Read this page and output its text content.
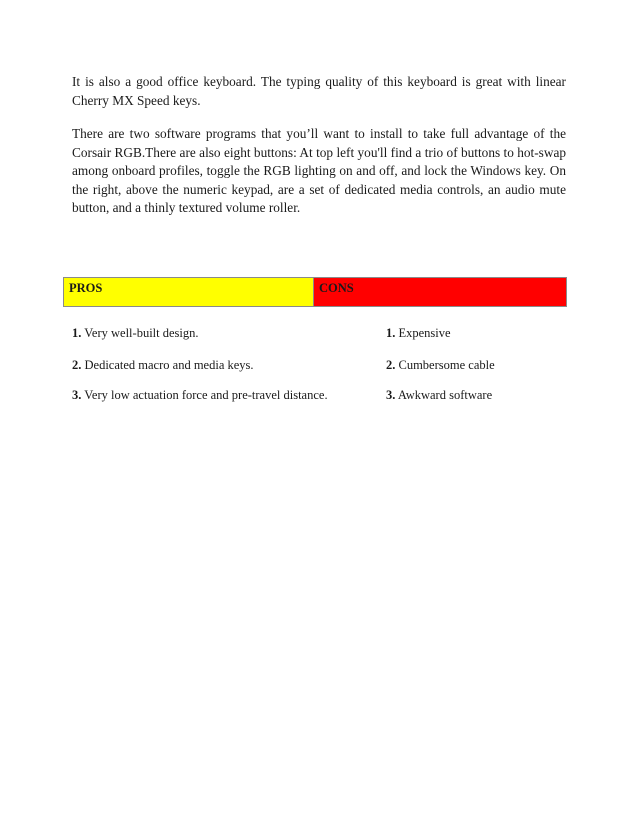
It is also a good office keyboard. The typing quality of this keyboard is great with linear Cherry MX Speed keys.

There are two software programs that you’ll want to install to take full advantage of the Corsair RGB.There are also eight buttons: At top left you'll find a trio of buttons to hot-swap among onboard profiles, toggle the RGB lighting on and off, and lock the Windows key. On the right, above the numeric keypad, are a set of dedicated media controls, an audio mute button, and a thinly textured volume roller.

PROS	CONS
1. Very well-built design.
2. Dedicated macro and media keys.
3. Very low actuation force and pre-travel distance.
1. Expensive
2. Cumbersome cable
3. Awkward software
